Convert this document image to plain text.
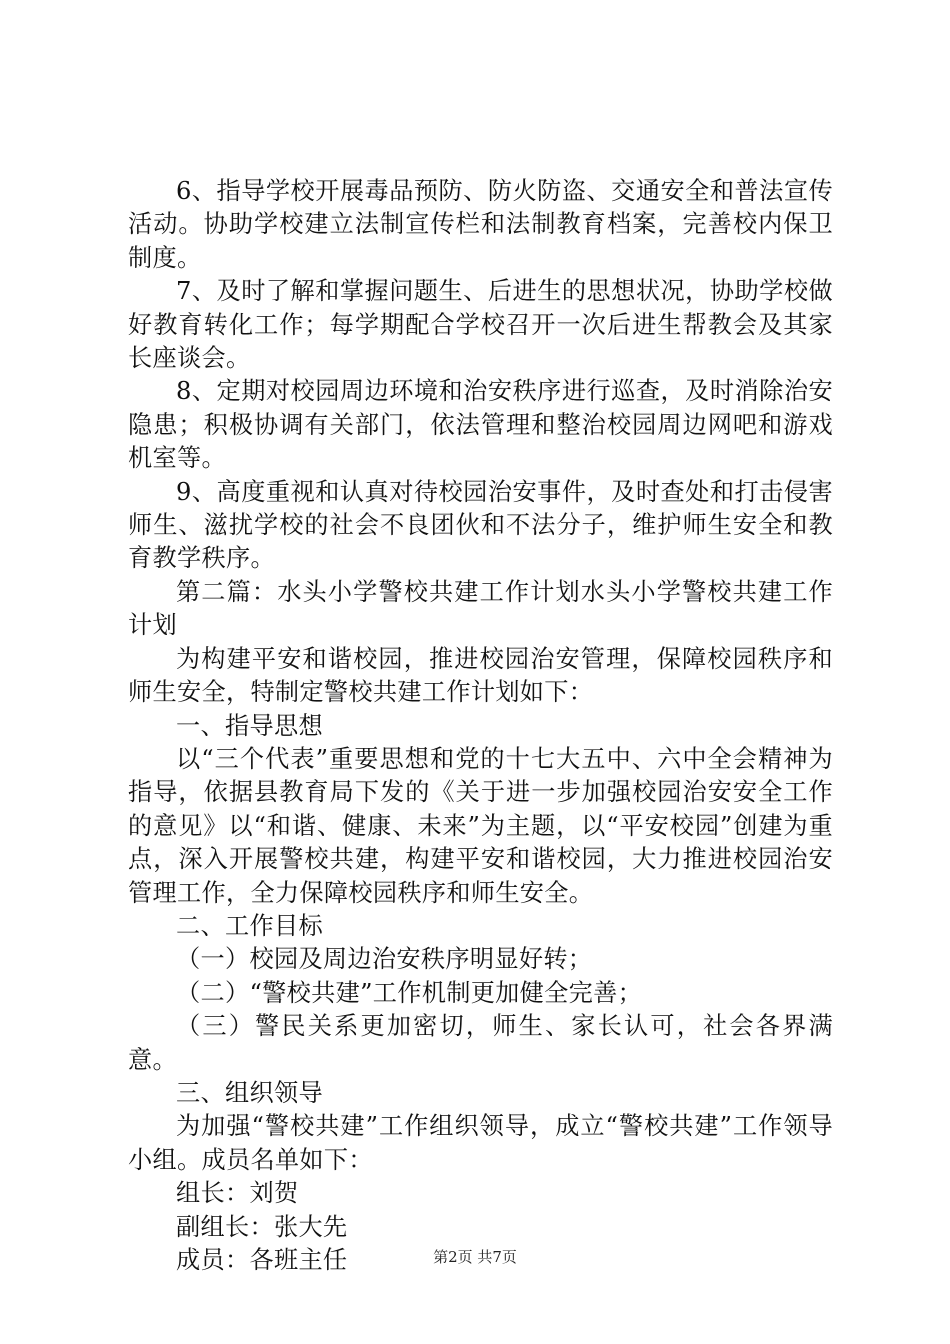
6、指导学校开展毒品预防、防火防盗、交通安全和普法宣传活动。协助学校建立法制宣传栏和法制教育档案，完善校内保卫制度。

7、及时了解和掌握问题生、后进生的思想状况，协助学校做好教育转化工作；每学期配合学校召开一次后进生帮教会及其家长座谈会。

8、定期对校园周边环境和治安秩序进行巡查，及时消除治安隐患；积极协调有关部门，依法管理和整治校园周边网吧和游戏机室等。

9、高度重视和认真对待校园治安事件，及时查处和打击侵害师生、滋扰学校的社会不良团伙和不法分子，维护师生安全和教育教学秩序。

第二篇：水头小学警校共建工作计划水头小学警校共建工作计划

为构建平安和谐校园，推进校园治安管理，保障校园秩序和师生安全，特制定警校共建工作计划如下：

一、指导思想

以“三个代表”重要思想和党的十七大五中、六中全会精神为指导，依据县教育局下发的《关于进一步加强校园治安安全工作的意见》以“和谐、健康、未来”为主题，以“平安校园”创建为重点，深入开展警校共建，构建平安和谐校园，大力推进校园治安管理工作，全力保障校园秩序和师生安全。

二、工作目标

（一）校园及周边治安秩序明显好转；

（二）“警校共建”工作机制更加健全完善；

（三）警民关系更加密切，师生、家长认可，社会各界满意。

三、组织领导

为加强“警校共建”工作组织领导，成立“警校共建”工作领导小组。成员名单如下：

组长：刘贺

副组长：张大先

成员：各班主任	第2页 共7页
